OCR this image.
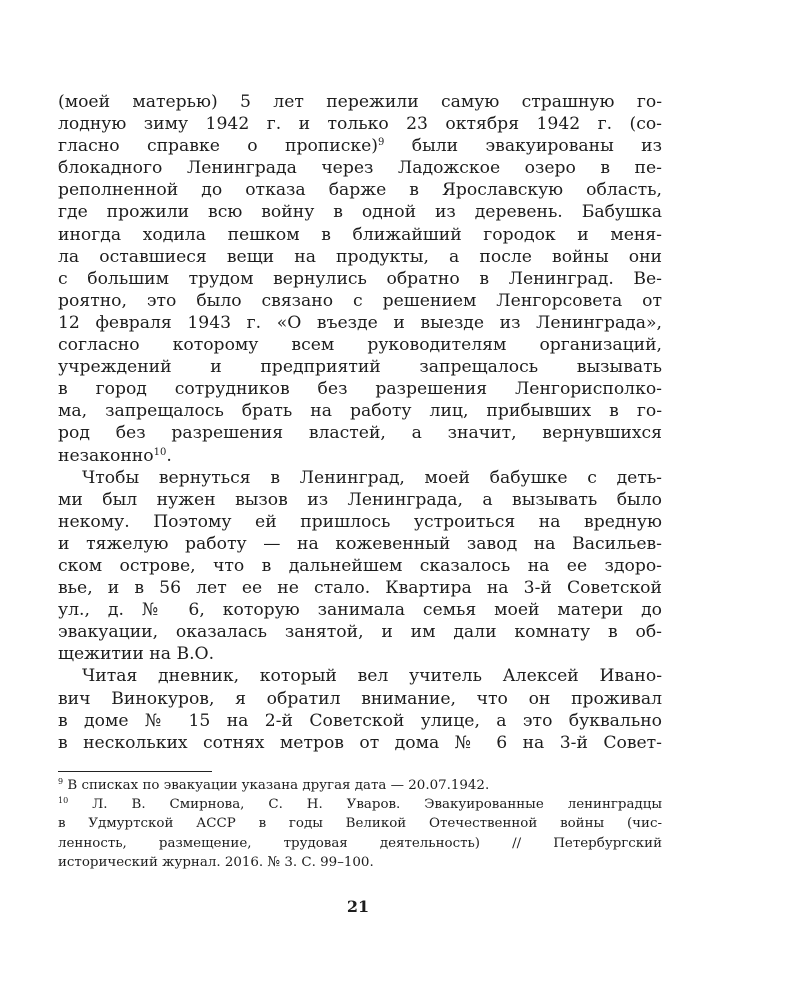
(моей матерью) 5 лет пережили самую страшную го-
лодную зиму 1942 г. и только 23 октября 1942 г. (со-
гласно справке о прописке)$^9$ были эвакуированы из
блокадного Ленинграда через Ладожское озеро в пе-
реполненной до отказа барже в Ярославскую область,
где прожили всю войну в одной из деревень. Бабушка
иногда ходила пешком в ближайший городок и меня-
ла оставшиеся вещи на продукты, а после войны они
с большим трудом вернулись обратно в Ленинград. Ве-
роятно, это было связано с решением Ленгорсовета от
12 февраля 1943 г. «О въезде и выезде из Ленинграда»,
согласно которому всем руководителям организаций,
учреждений и предприятий запрещалось вызывать
в город сотрудников без разрешения Ленгорисполко-
ма, запрещалось брать на работу лиц, прибывших в го-
род без разрешения властей, а значит, вернувшихся
незаконно$^{10}$.
Чтобы вернуться в Ленинград, моей бабушке с деть-
ми был нужен вызов из Ленинграда, а вызывать было
некому. Поэтому ей пришлось устроиться на вредную
и тяжелую работу — на кожевенный завод на Васильев-
ском острове, что в дальнейшем сказалось на ее здоро-
вье, и в 56 лет ее не стало. Квартира на 3-й Советской
ул., д. № 6, которую занимала семья моей матери до
эвакуации, оказалась занятой, и им дали комнату в об-
щежитии на В.О.
Читая дневник, который вел учитель Алексей Ивано-
вич Винокуров, я обратил внимание, что он проживал
в доме № 15 на 2-й Советской улице, а это буквально
в нескольких сотнях метров от дома № 6 на 3-й Совет-
$^9$ В списках по эвакуации указана другая дата — 20.07.1942.
$^{10}$ Л. В. Смирнова, С. Н. Уваров. Эвакуированные ленинградцы
в Удмуртской АССР в годы Великой Отечественной войны (чис-
ленность, размещение, трудовая деятельность) // Петербургский
исторический журнал. 2016. № 3. С. 99–100.
21
